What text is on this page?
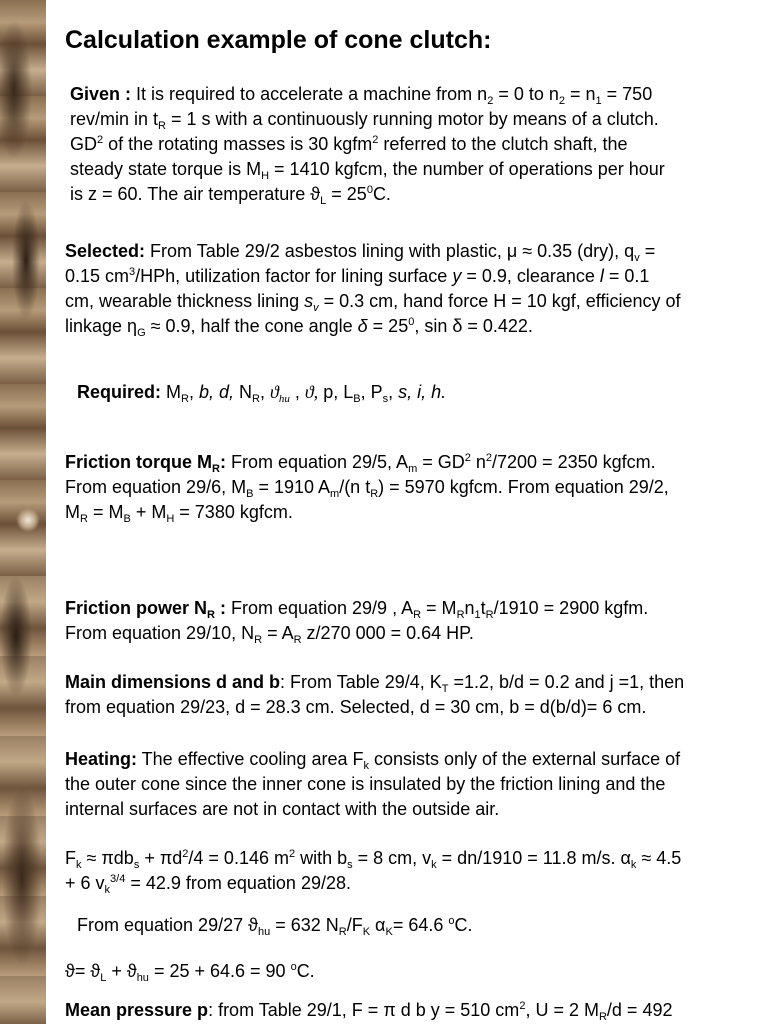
Calculation example of cone clutch:
Given : It is required to accelerate a machine from $n_2 = 0$ to $n_2 = n_1 = 750$
rev/min in $t_R = 1$ s with a continuously running motor by means of a clutch.
$GD^2$ of the rotating masses is 30 kgfm$^2$ referred to the clutch shaft, the
steady state torque is $M_H = 1410$ kgfcm, the number of operations per hour
is z = 60. The air temperature $ϑ_L = 25^0C$.
Selected: From Table 29/2 asbestos lining with plastic, μ ≈ 0.35 (dry), $q_v$ =
0.15 $cm^3$/HPh, utilization factor for lining surface y = 0.9, clearance l = 0.1
cm, wearable thickness lining $s_v = 0.3$ cm, hand force H = 10 kgf, efficiency of
linkage $\eta_G \approx 0.9$, half the cone angle $\delta = 25^0$, sin δ = 0.422.
Required: $M_R$, b, d, $N_R$, $ϑ_{hu}$ , ϑ, p, $L_B$, $P_s$, s, i, h.
Friction torque $M_R$: From equation 29/5, $A_m = GD^2$ $n^2/7200 = 2350$ kgfcm.
From equation 29/6, $M_B = 1910$ $A_m/(n$ $t_R) = 5970$ kgfcm. From equation 29/2,
$M_R = M_B + M_H = 7380$ kgfcm.
Friction power $N_R$ : From equation 29/9 , $A_R = M_Rn_1t_R/1910 = 2900$ kgfm.
From equation 29/10, $N_R = A_R$ z/270 000 = 0.64 HP.
Main dimensions d and b: From Table 29/4, $K_T =1.2$, b/d = 0.2 and j =1, then
from equation 29/23, d = 28.3 cm. Selected, d = 30 cm, b = d(b/d)= 6 cm.
Heating: The effective cooling area $F_k$ consists only of the external surface of
the outer cone since the inner cone is insulated by the friction lining and the
internal surfaces are not in contact with the outside air.
$F_k \approx \pi db_s + \pi d^2/4 = 0.146$ $m^2$ with $b_s = 8$ cm, $v_k = dn/1910 = 11.8$ m/s. $\alpha_k \approx 4.5$
+ 6 $v_k^{3/4} = 42.9$ from equation 29/28.
From equation 29/27 $ϑ_{hu} = 632$ $N_R/F_K$ $\alpha_K= 64.6$ $^o$C.
$ϑ= ϑ_L + ϑ_{hu} = 25 + 64.6 = 90$ $^o$C.
Mean pressure p: from Table 29/1, F = π d b y = 510 $cm^2$, U = 2 $M_R/d = 492$
